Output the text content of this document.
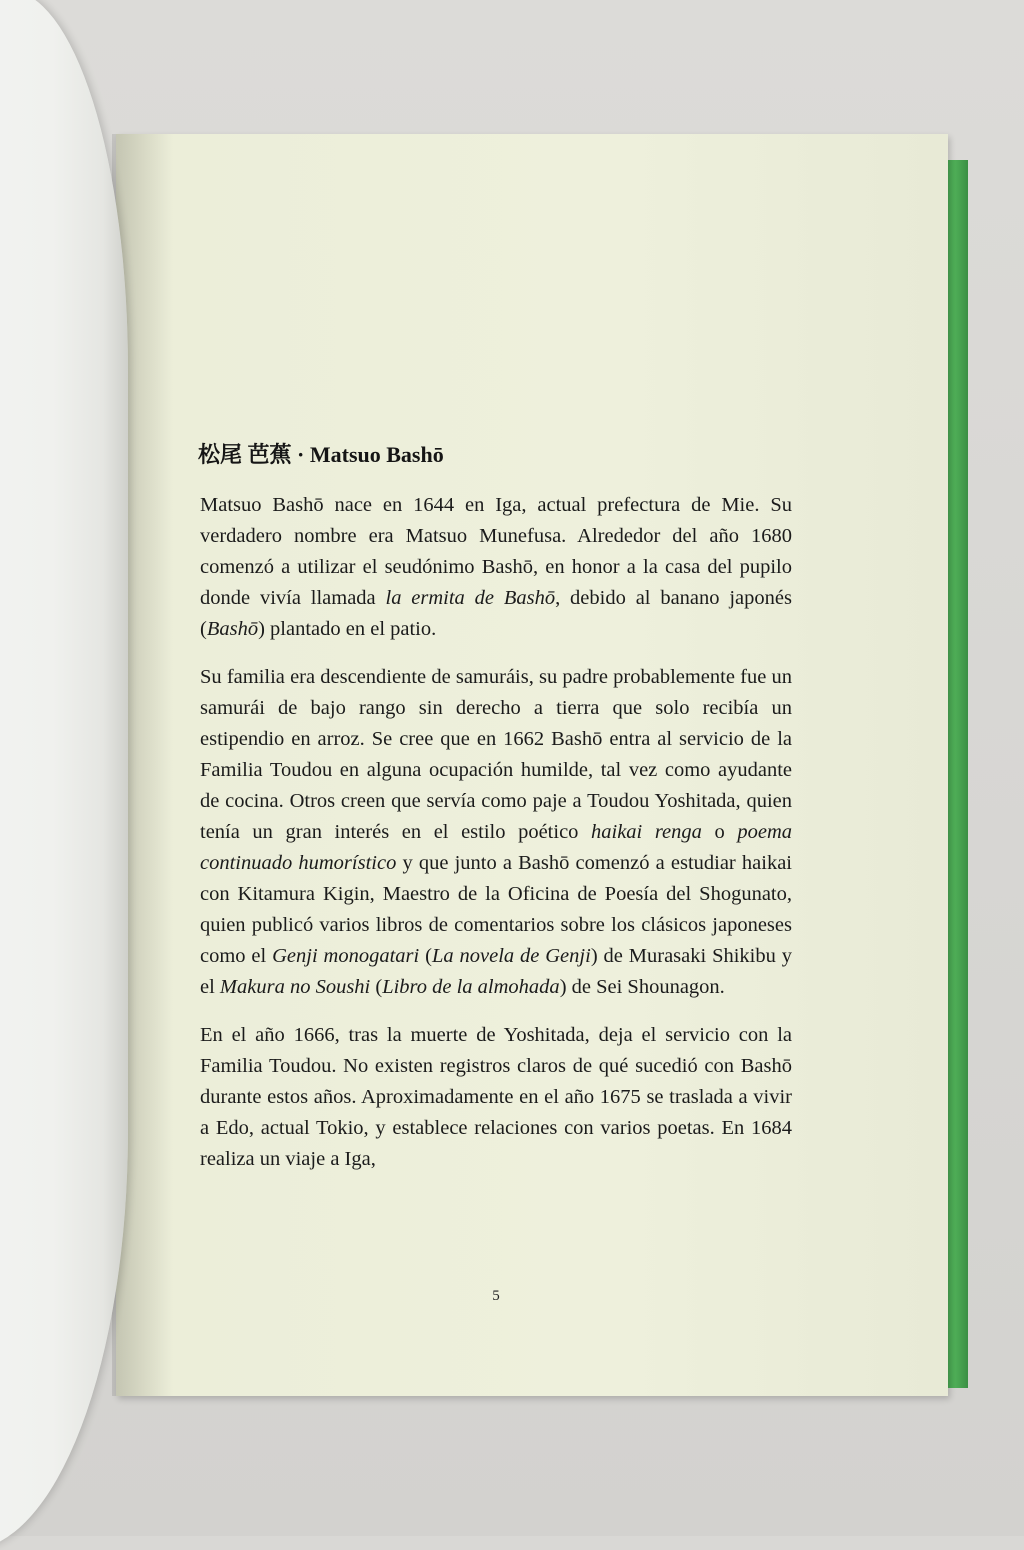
松尾 芭蕉 · Matsuo Bashō

Matsuo Bashō nace en 1644 en Iga, actual prefectura de Mie. Su verdadero nombre era Matsuo Munefusa. Alrededor del año 1680 comenzó a utilizar el seudónimo Bashō, en honor a la casa del pupilo donde vivía llamada la ermita de Bashō, debido al banano japonés (Bashō) plantado en el patio.

Su familia era descendiente de samuráis, su padre probablemente fue un samurái de bajo rango sin derecho a tierra que solo recibía un estipendio en arroz. Se cree que en 1662 Bashō entra al servicio de la Familia Toudou en alguna ocupación humilde, tal vez como ayudante de cocina. Otros creen que servía como paje a Toudou Yoshitada, quien tenía un gran interés en el estilo poético haikai renga o poema continuado humorístico y que junto a Bashō comenzó a estudiar haikai con Kitamura Kigin, Maestro de la Oficina de Poesía del Shogunato, quien publicó varios libros de comentarios sobre los clásicos japoneses como el Genji monogatari (La novela de Genji) de Murasaki Shikibu y el Makura no Soushi (Libro de la almohada) de Sei Shounagon.

En el año 1666, tras la muerte de Yoshitada, deja el servicio con la Familia Toudou. No existen registros claros de qué sucedió con Bashō durante estos años. Aproximadamente en el año 1675 se traslada a vivir a Edo, actual Tokio, y establece relaciones con varios poetas. En 1684 realiza un viaje a Iga,

5
